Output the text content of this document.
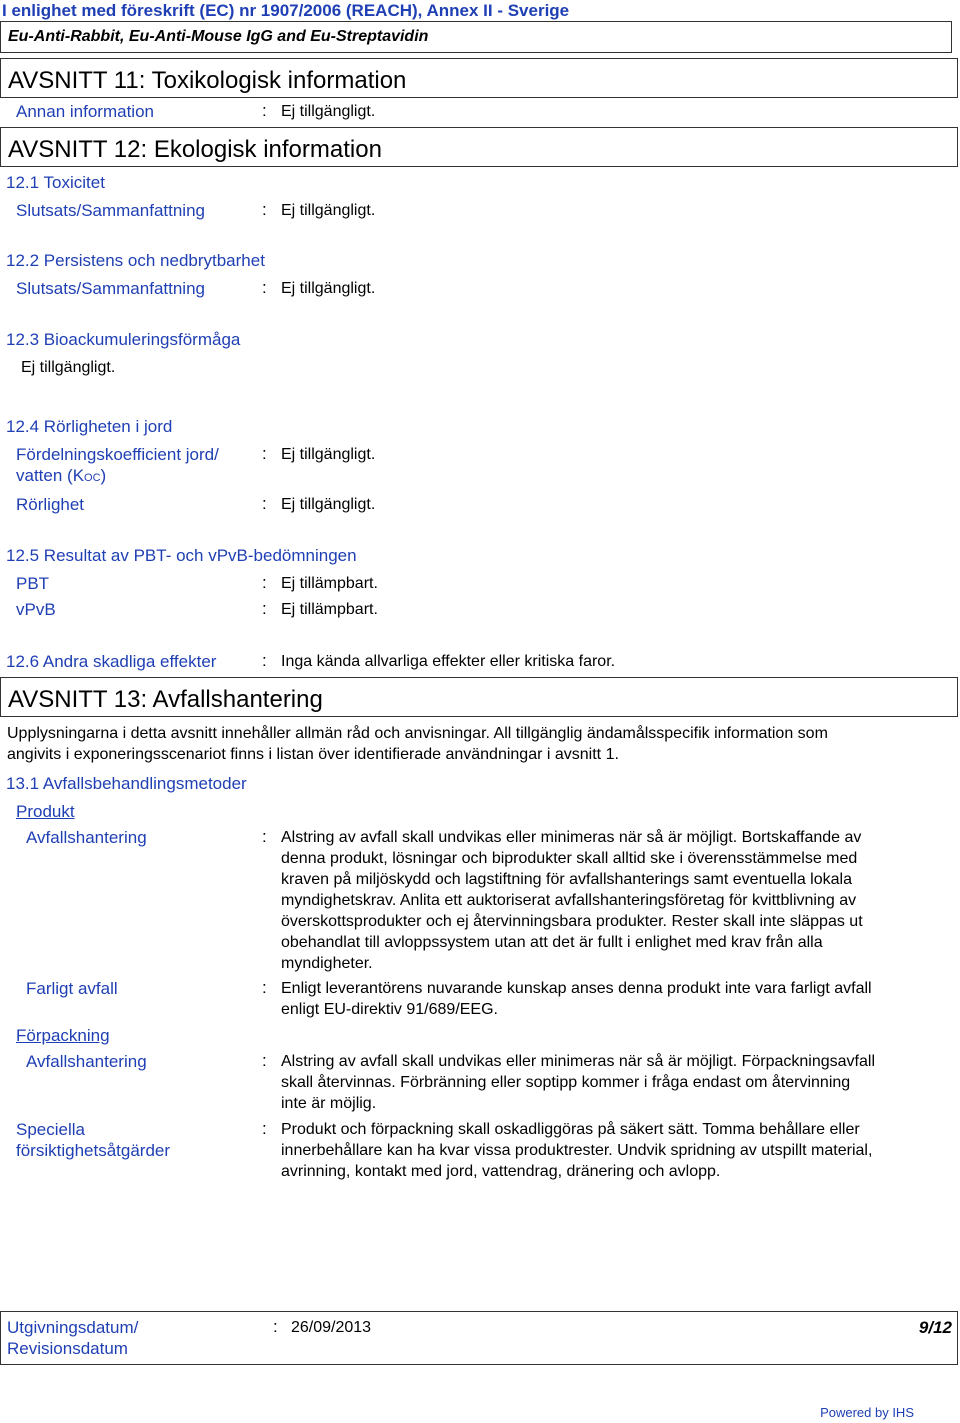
I enlighet med föreskrift (EC) nr 1907/2006 (REACH), Annex II - Sverige
Eu-Anti-Rabbit, Eu-Anti-Mouse IgG and Eu-Streptavidin
AVSNITT 11: Toxikologisk information
Annan information	: Ej tillgängligt.
AVSNITT 12: Ekologisk information
12.1 Toxicitet
Slutsats/Sammanfattning	: Ej tillgängligt.
12.2 Persistens och nedbrytbarhet
Slutsats/Sammanfattning	: Ej tillgängligt.
12.3 Bioackumuleringsförmåga
Ej tillgängligt.
12.4 Rörligheten i jord
Fördelningskoefficient jord/
vatten (KOC)
: Ej tillgängligt.
Rörlighet	: Ej tillgängligt.
12.5 Resultat av PBT- och vPvB-bedömningen
PBT	: Ej tillämpbart.
vPvB	: Ej tillämpbart.
12.6 Andra skadliga effekter	: Inga kända allvarliga effekter eller kritiska faror.
AVSNITT 13: Avfallshantering
Upplysningarna i detta avsnitt innehåller allmän råd och anvisningar. All tillgänglig ändamålsspecifik information som
angivits i exponeringsscenariot finns i listan över identifierade användningar i avsnitt 1.
13.1 Avfallsbehandlingsmetoder
Produkt
Avfallshantering	: Alstring av avfall skall undvikas eller minimeras när så är möjligt. Bortskaffande av
denna produkt, lösningar och biprodukter skall alltid ske i överensstämmelse med
kraven på miljöskydd och lagstiftning för avfallshanterings samt eventuella lokala
myndighetskrav. Anlita ett auktoriserat avfallshanteringsföretag för kvittblivning av
överskottsprodukter och ej återvinningsbara produkter. Rester skall inte släppas ut
obehandlat till avloppssystem utan att det är fullt i enlighet med krav från alla
myndigheter.
Farligt avfall	: Enligt leverantörens nuvarande kunskap anses denna produkt inte vara farligt avfall
enligt EU-direktiv 91/689/EEG.
Förpackning
Avfallshantering	: Alstring av avfall skall undvikas eller minimeras när så är möjligt. Förpackningsavfall
skall återvinnas. Förbränning eller soptipp kommer i fråga endast om återvinning
inte är möjlig.
Speciella
försiktighetsåtgärder
: Produkt och förpackning skall oskadliggöras på säkert sätt. Tomma behållare eller
innerbehållare kan ha kvar vissa produktrester. Undvik spridning av utspillt material,
avrinning, kontakt med jord, vattendrag, dränering och avlopp.
Utgivningsdatum/
Revisionsdatum
: 26/09/2013	9/12
Powered by IHS
